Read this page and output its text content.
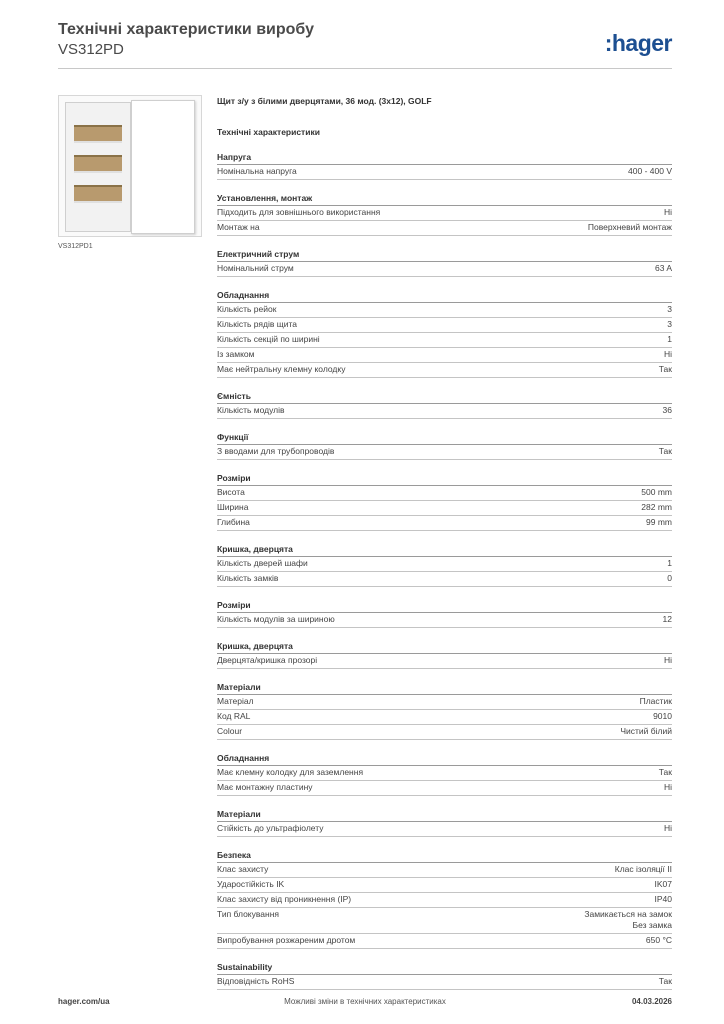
Технічні характеристики виробу
VS312PD	:hager
VS312PD1
Щит з/у з білими дверцятами, 36 мод. (3х12), GOLF
Технічні характеристики
Напруга
Номінальна напруга	400 - 400 V
Установлення, монтаж
Підходить для зовнішнього використання	Ні
Монтаж на	Поверхневий монтаж
Електричний струм
Номінальний струм	63 A
Обладнання
Кількість рейок	3
Кількість рядів щита	3
Кількість секцій по ширині	1
Із замком	Ні
Має нейтральну клемну колодку	Так
Ємність
Кількість модулів	36
Функції
З вводами для трубопроводів	Так
Розміри
Висота	500 mm
Ширина	282 mm
Глибина	99 mm
Кришка, дверцята
Кількість дверей шафи	1
Кількість замків	0
Розміри
Кількість модулів за шириною	12
Кришка, дверцята
Дверцята/кришка прозорі	Ні
Матеріали
Матеріал	Пластик
Код RAL	9010
Colour	Чистий білий
Обладнання
Має клемну колодку для заземлення	Так
Має монтажну пластину	Ні
Матеріали
Стійкість до ультрафіолету	Ні
Безпека
Клас захисту	Клас ізоляції II
Ударостійкість IK	IK07
Клас захисту від проникнення (IP)	IP40
Тип блокування	Замикається на замок
Без замка
Випробування розжареним дротом	650 °C
Sustainability
Відповідність RoHS	Так
hager.com/ua	Можливі зміни в технічних характеристиках	04.03.2026
